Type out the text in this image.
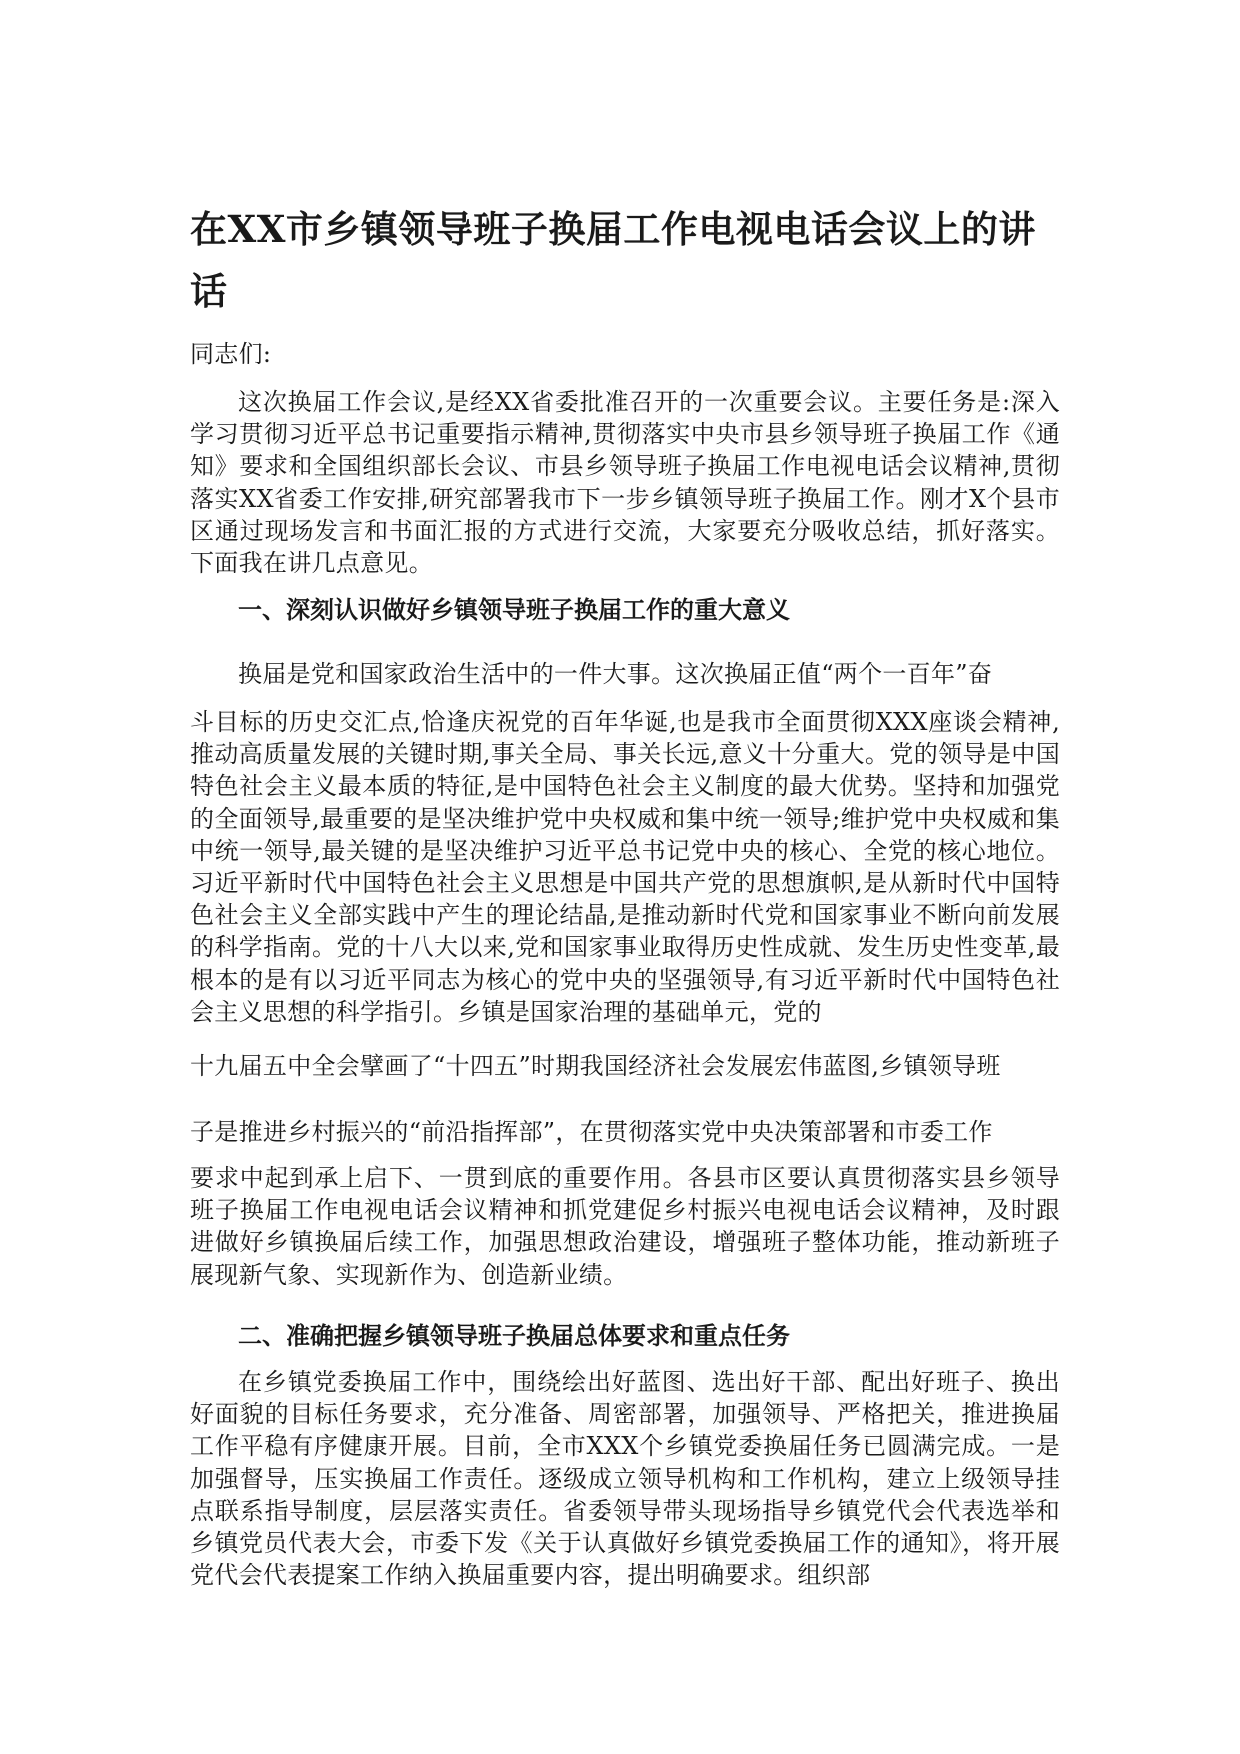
在XX市乡镇领导班子换届工作电视电话会议上的讲话

同志们:

这次换届工作会议,是经XX省委批准召开的一次重要会议。主要任务是:深入学习贯彻习近平总书记重要指示精神,贯彻落实中央市县乡领导班子换届工作《通知》要求和全国组织部长会议、市县乡领导班子换届工作电视电话会议精神,贯彻落实XX省委工作安排,研究部署我市下一步乡镇领导班子换届工作。刚才X个县市区通过现场发言和书面汇报的方式进行交流，大家要充分吸收总结，抓好落实。下面我在讲几点意见。

一、深刻认识做好乡镇领导班子换届工作的重大意义

换届是党和国家政治生活中的一件大事。这次换届正值“两个一百年”奋

斗目标的历史交汇点,恰逢庆祝党的百年华诞,也是我市全面贯彻XXX座谈会精神,推动高质量发展的关键时期,事关全局、事关长远,意义十分重大。党的领导是中国特色社会主义最本质的特征,是中国特色社会主义制度的最大优势。坚持和加强党的全面领导,最重要的是坚决维护党中央权威和集中统一领导;维护党中央权威和集中统一领导,最关键的是坚决维护习近平总书记党中央的核心、全党的核心地位。习近平新时代中国特色社会主义思想是中国共产党的思想旗帜,是从新时代中国特色社会主义全部实践中产生的理论结晶,是推动新时代党和国家事业不断向前发展的科学指南。党的十八大以来,党和国家事业取得历史性成就、发生历史性变革,最根本的是有以习近平同志为核心的党中央的坚强领导,有习近平新时代中国特色社会主义思想的科学指引。乡镇是国家治理的基础单元，党的

十九届五中全会擘画了“十四五”时期我国经济社会发展宏伟蓝图,乡镇领导班

子是推进乡村振兴的“前沿指挥部”，在贯彻落实党中央决策部署和市委工作

要求中起到承上启下、一贯到底的重要作用。各县市区要认真贯彻落实县乡领导班子换届工作电视电话会议精神和抓党建促乡村振兴电视电话会议精神，及时跟进做好乡镇换届后续工作，加强思想政治建设，增强班子整体功能，推动新班子展现新气象、实现新作为、创造新业绩。

二、准确把握乡镇领导班子换届总体要求和重点任务

在乡镇党委换届工作中，围绕绘出好蓝图、选出好干部、配出好班子、换出好面貌的目标任务要求，充分准备、周密部署，加强领导、严格把关，推进换届工作平稳有序健康开展。目前，全市XXX个乡镇党委换届任务已圆满完成。一是加强督导，压实换届工作责任。逐级成立领导机构和工作机构，建立上级领导挂点联系指导制度，层层落实责任。省委领导带头现场指导乡镇党代会代表选举和乡镇党员代表大会，市委下发《关于认真做好乡镇党委换届工作的通知》，将开展党代会代表提案工作纳入换届重要内容，提出明确要求。组织部
